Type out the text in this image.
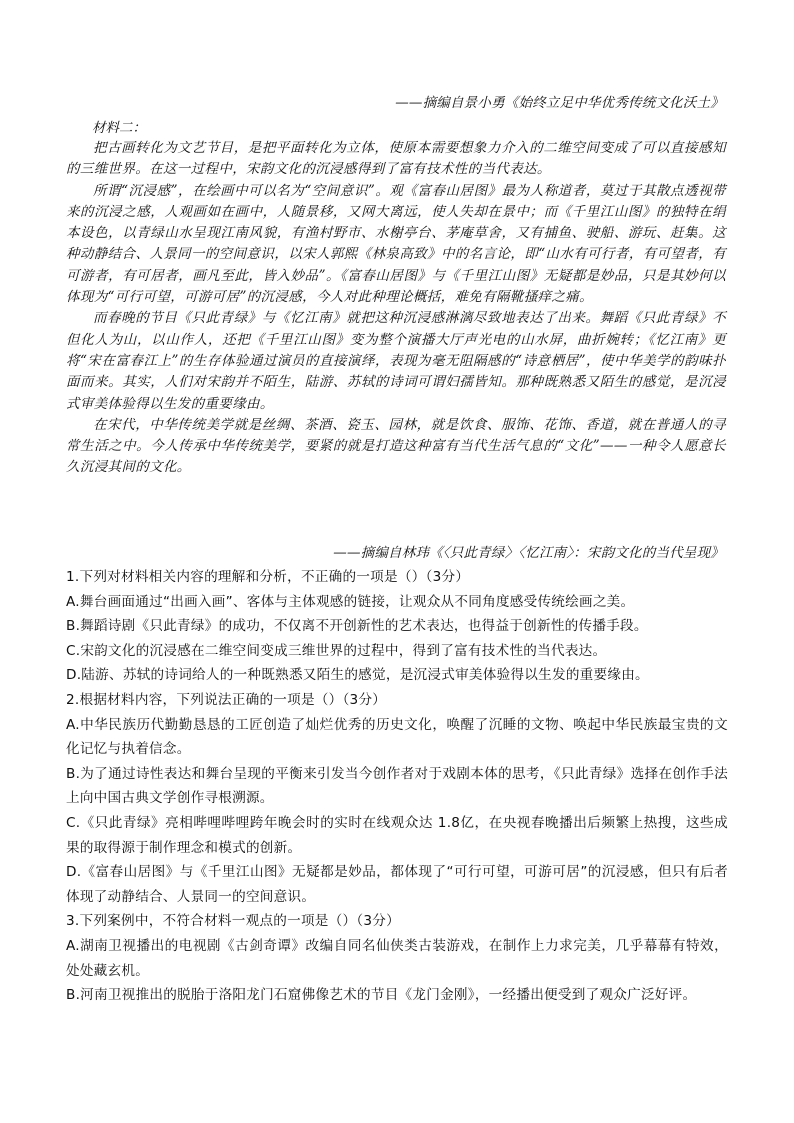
——摘编自景小勇《始终立足中华优秀传统文化沃土》
材料二：

把古画转化为文艺节目，是把平面转化为立体，使原本需要想象力介入的二维空间变成了可以直接感知的三维世界。在这一过程中，宋韵文化的沉浸感得到了富有技术性的当代表达。

所谓“沉浸感”，在绘画中可以名为“空间意识”。观《富春山居图》最为人称道者，莫过于其散点透视带来的沉浸之感，人观画如在画中，人随景移，又网大离远，使人失却在景中；而《千里江山图》的独特在绢本设色，以青绿山水呈现江南风貌，有渔村野市、水榭亭台、茅庵草舍，又有捕鱼、驶船、游玩、赶集。这种动静结合、人景同一的空间意识，以宋人郭熙《林泉高致》中的名言论，即“山水有可行者，有可望者，有可游者，有可居者，画凡至此，皆入妙品”。《富春山居图》与《千里江山图》无疑都是妙品，只是其妙何以体现为“可行可望，可游可居”的沉浸感，今人对此种理论概括，难免有隔靴搔痒之痛。

而春晚的节目《只此青绿》与《忆江南》就把这种沉浸感淋漓尽致地表达了出来。舞蹈《只此青绿》不但化人为山，以山作人，还把《千里江山图》变为整个演播大厅声光电的山水屏，曲折婉转；《忆江南》更将“宋在富春江上”的生存体验通过演员的直接演绎，表现为毫无阻隔感的“诗意栖居”，使中华美学的韵味扑面而来。其实，人们对宋韵并不陌生，陆游、苏轼的诗词可谓妇孺皆知。那种既熟悉又陌生的感觉，是沉浸式审美体验得以生发的重要缘由。

在宋代，中华传统美学就是丝绸、茶酒、瓷玉、园林，就是饮食、服饰、花饰、香道，就在普通人的寻常生活之中。今人传承中华传统美学，要紧的就是打造这种富有当代生活气息的“文化”——一种令人愿意长久沉浸其间的文化。

——摘编自林玮《〈只此青绿〉〈忆江南〉：宋韵文化的当代呈现》
1.下列对材料相关内容的理解和分析，不正确的一项是（）（3分）
A.舞台画面通过“出画入画”、客体与主体观感的链接，让观众从不同角度感受传统绘画之美。
B.舞蹈诗剧《只此青绿》的成功，不仅离不开创新性的艺术表达，也得益于创新性的传播手段。
C.宋韵文化的沉浸感在二维空间变成三维世界的过程中，得到了富有技术性的当代表达。
D.陆游、苏轼的诗词给人的一种既熟悉又陌生的感觉，是沉浸式审美体验得以生发的重要缘由。
2.根据材料内容，下列说法正确的一项是（）（3分）
A.中华民族历代勤勤恳恳的工匠创造了灿烂优秀的历史文化，唤醒了沉睡的文物、唤起中华民族最宝贵的文化记忆与执着信念。
B.为了通过诗性表达和舞台呈现的平衡来引发当今创作者对于戏剧本体的思考，《只此青绿》选择在创作手法上向中国古典文学创作寻根溯源。
C.《只此青绿》亮相哔哩哔哩跨年晚会时的实时在线观众达 1.8亿，在央视春晚播出后频繁上热搜，这些成果的取得源于制作理念和模式的创新。
D.《富春山居图》与《千里江山图》无疑都是妙品，都体现了“可行可望，可游可居”的沉浸感，但只有后者体现了动静结合、人景同一的空间意识。
3.下列案例中，不符合材料一观点的一项是（）（3分）
A.湖南卫视播出的电视剧《古剑奇谭》改编自同名仙侠类古装游戏，在制作上力求完美，几乎幕幕有特效，处处藏玄机。
B.河南卫视推出的脱胎于洛阳龙门石窟佛像艺术的节目《龙门金刚》，一经播出便受到了观众广泛好评。
